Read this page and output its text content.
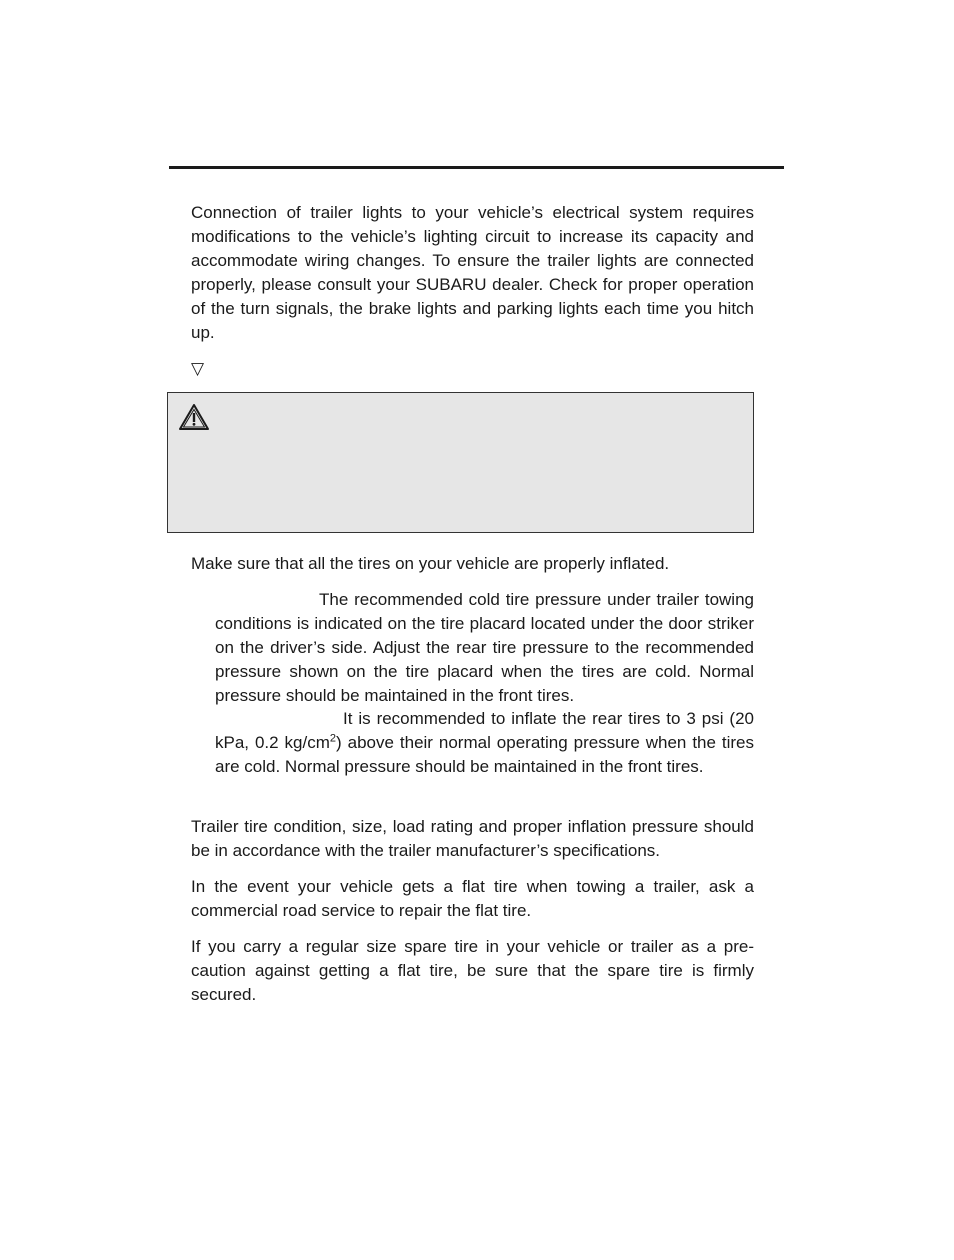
Connection of trailer lights to your vehicle’s electrical system requires modifications to the vehicle’s lighting circuit to increase its capacity and accommodate wiring changes. To ensure the trailer lights are connected properly, please consult your SUBARU dealer. Check for proper operation of the turn signals, the brake lights and parking lights each time you hitch up.

▽

Make sure that all the tires on your vehicle are properly inflated.

The recommended cold tire pressure under trailer towing conditions is indicated on the tire placard located under the door striker on the driver’s side. Adjust the rear tire pressure to the recommended pressure shown on the tire placard when the tires are cold. Normal pressure should be maintained in the front tires.

It is recommended to inflate the rear tires to 3 psi (20 kPa, 0.2 $kg/cm^2$) above their normal operating pressure when the tires are cold. Normal pressure should be maintained in the front tires.

Trailer tire condition, size, load rating and proper inflation pressure should be in accordance with the trailer manufacturer’s specifications.

In the event your vehicle gets a flat tire when towing a trailer, ask a commercial road service to repair the flat tire.

If you carry a regular size spare tire in your vehicle or trailer as a pre-caution against getting a flat tire, be sure that the spare tire is firmly secured.
